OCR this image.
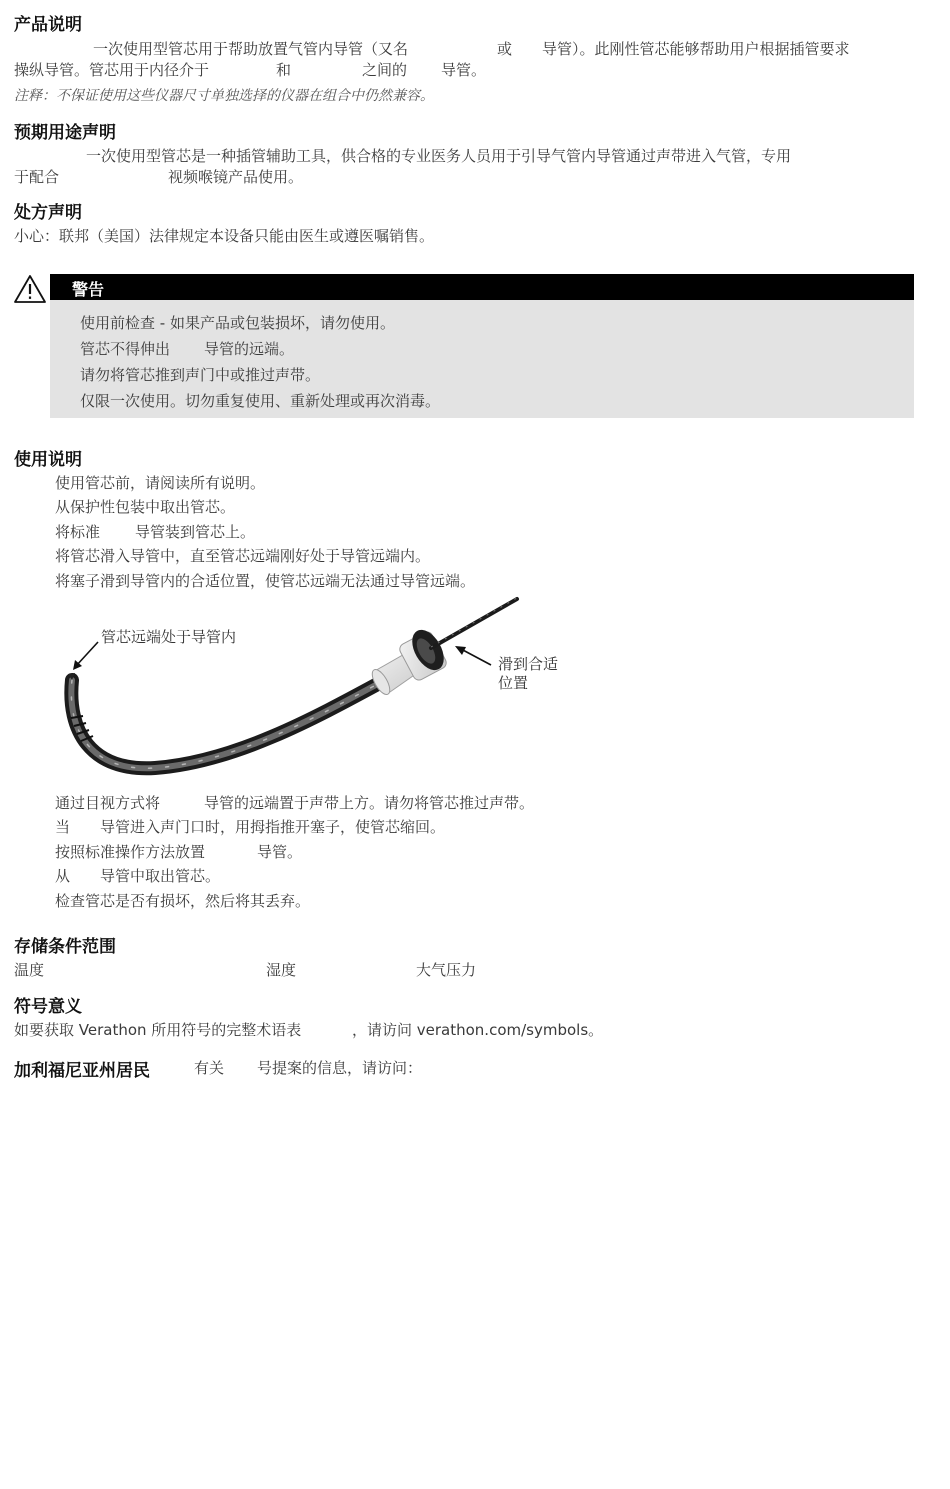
产品说明
一次使用型管芯用于帮助放置气管内导管（又名	或 导管）。此刚性管芯能够帮助用户根据插管要求
操纵导管。管芯用于内径介于	和	之间的 导管。
注释：不保证使用这些仪器尺寸单独选择的仪器在组合中仍然兼容。
预期用途声明
一次使用型管芯是一种插管辅助工具，供合格的专业医务人员用于引导气管内导管通过声带进入气管，专用
于配合	视频喉镜产品使用。
处方声明
小心：联邦（美国）法律规定本设备只能由医生或遵医嘱销售。
警告
使用前检查 - 如果产品或包装损坏，请勿使用。
管芯不得伸出 导管的远端。
请勿将管芯推到声门中或推过声带。
仅限一次使用。切勿重复使用、重新处理或再次消毒。
使用说明
使用管芯前，请阅读所有说明。
从保护性包装中取出管芯。
将标准 导管装到管芯上。
将管芯滑入导管中，直至管芯远端刚好处于导管远端内。
将塞子滑到导管内的合适位置，使管芯远端无法通过导管远端。
管芯远端处于导管内
滑到合适
位置
通过目视方式将	导管的远端置于声带上方。请勿将管芯推过声带。
当 导管进入声门口时，用拇指推开塞子，使管芯缩回。
按照标准操作方法放置	导管。
从 导管中取出管芯。
检查管芯是否有损坏，然后将其丢弃。
存储条件范围
温度	湿度	大气压力
符号意义
如要获取 Verathon 所用符号的完整术语表	，请访问 verathon.com/symbols。
加利福尼亚州居民	有关 号提案的信息，请访问：
